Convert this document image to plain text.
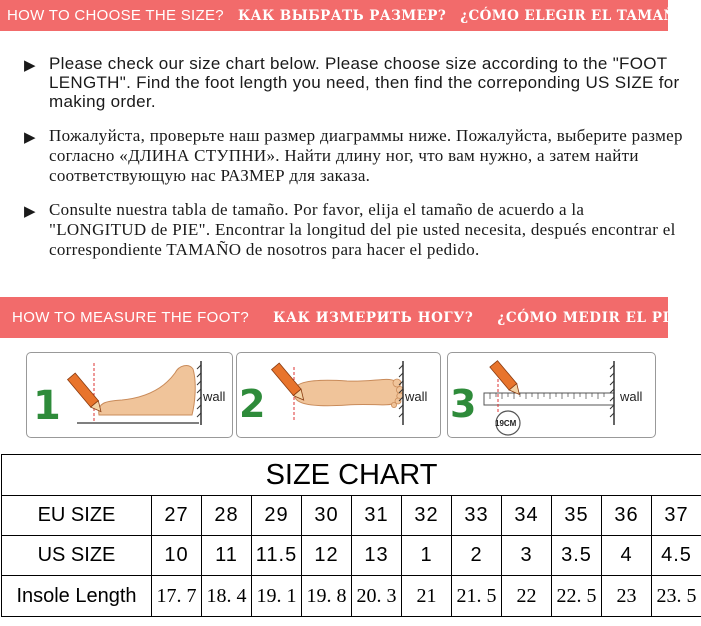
HOW TO CHOOSE THE SIZE?	КАК ВЫБРАТЬ РАЗМЕР?	¿CÓMO ELEGIR EL TAMAÑO?
▶ Please check our size chart below. Please choose size according to the "FOOT LENGTH". Find the foot length you need, then find the correponding US SIZE for making order.
▶ Пожалуйста, проверьте наш размер диаграммы ниже. Пожалуйста, выберите размер согласно «ДЛИНА СТУПНИ». Найти длину ног, что вам нужно, а затем найти соответствующую нас РАЗМЕР для заказа.
▶ Consulte nuestra tabla de tamaño. Por favor, elija el tamaño de acuerdo a la "LONGITUD de PIE". Encontrar la longitud del pie usted necesita, después encontrar el correspondiente TAMAÑO de nosotros para hacer el pedido.
HOW TO MEASURE THE FOOT?	КАК ИЗМЕРИТЬ НОГУ?	¿CÓMO MEDIR EL PIE?
1	wall 2	wall 3 19CM
wall
SIZE CHART											
EU SIZE	27	28	29	30	31	32	33	34	35	36	37
US SIZE	10	11	11.5	12	13	1	2	3	3.5	4	4.5
Insole Length	17. 7	18. 4	19. 1	19. 8	20. 3	21	21. 5	22	22. 5	23	23. 5
